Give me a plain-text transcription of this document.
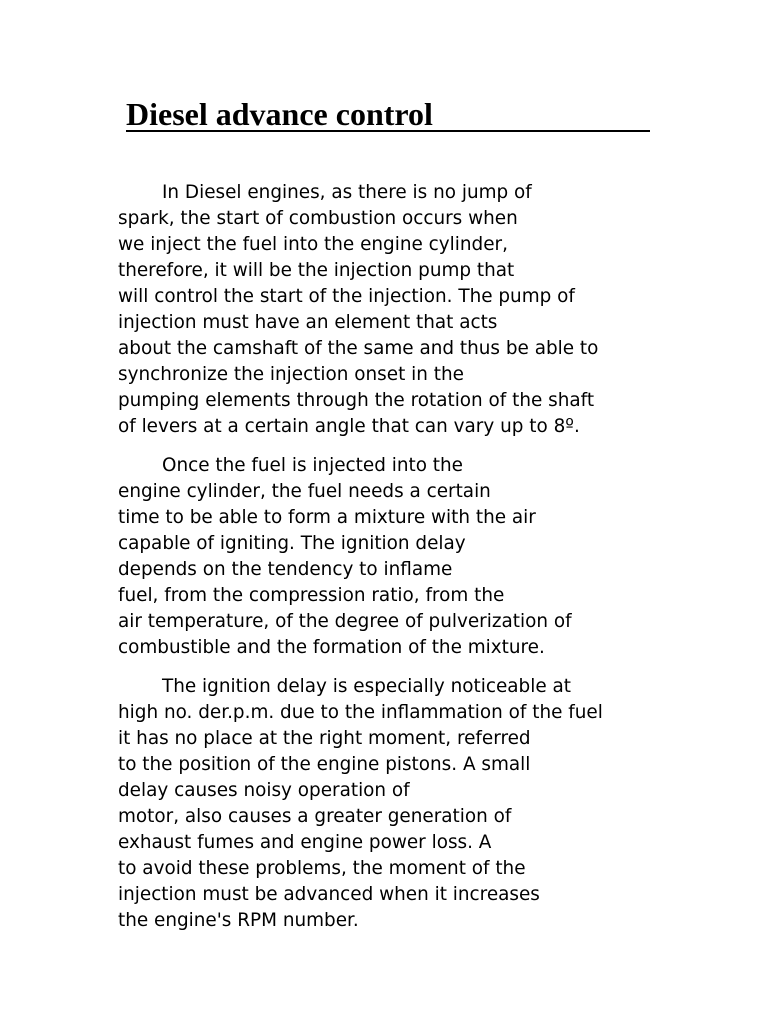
Diesel advance control
In Diesel engines, as there is no jump of
spark, the start of combustion occurs when
we inject the fuel into the engine cylinder,
therefore, it will be the injection pump that
will control the start of the injection. The pump of
injection must have an element that acts
about the camshaft of the same and thus be able to
synchronize the injection onset in the
pumping elements through the rotation of the shaft
of levers at a certain angle that can vary up to 8º.
Once the fuel is injected into the
engine cylinder, the fuel needs a certain
time to be able to form a mixture with the air
capable of igniting. The ignition delay
depends on the tendency to inflame
fuel, from the compression ratio, from the
air temperature, of the degree of pulverization of
combustible and the formation of the mixture.
The ignition delay is especially noticeable at
high no. der.p.m. due to the inflammation of the fuel
it has no place at the right moment, referred
to the position of the engine pistons. A small
delay causes noisy operation of
motor, also causes a greater generation of
exhaust fumes and engine power loss. A
to avoid these problems, the moment of the
injection must be advanced when it increases
the engine's RPM number.
